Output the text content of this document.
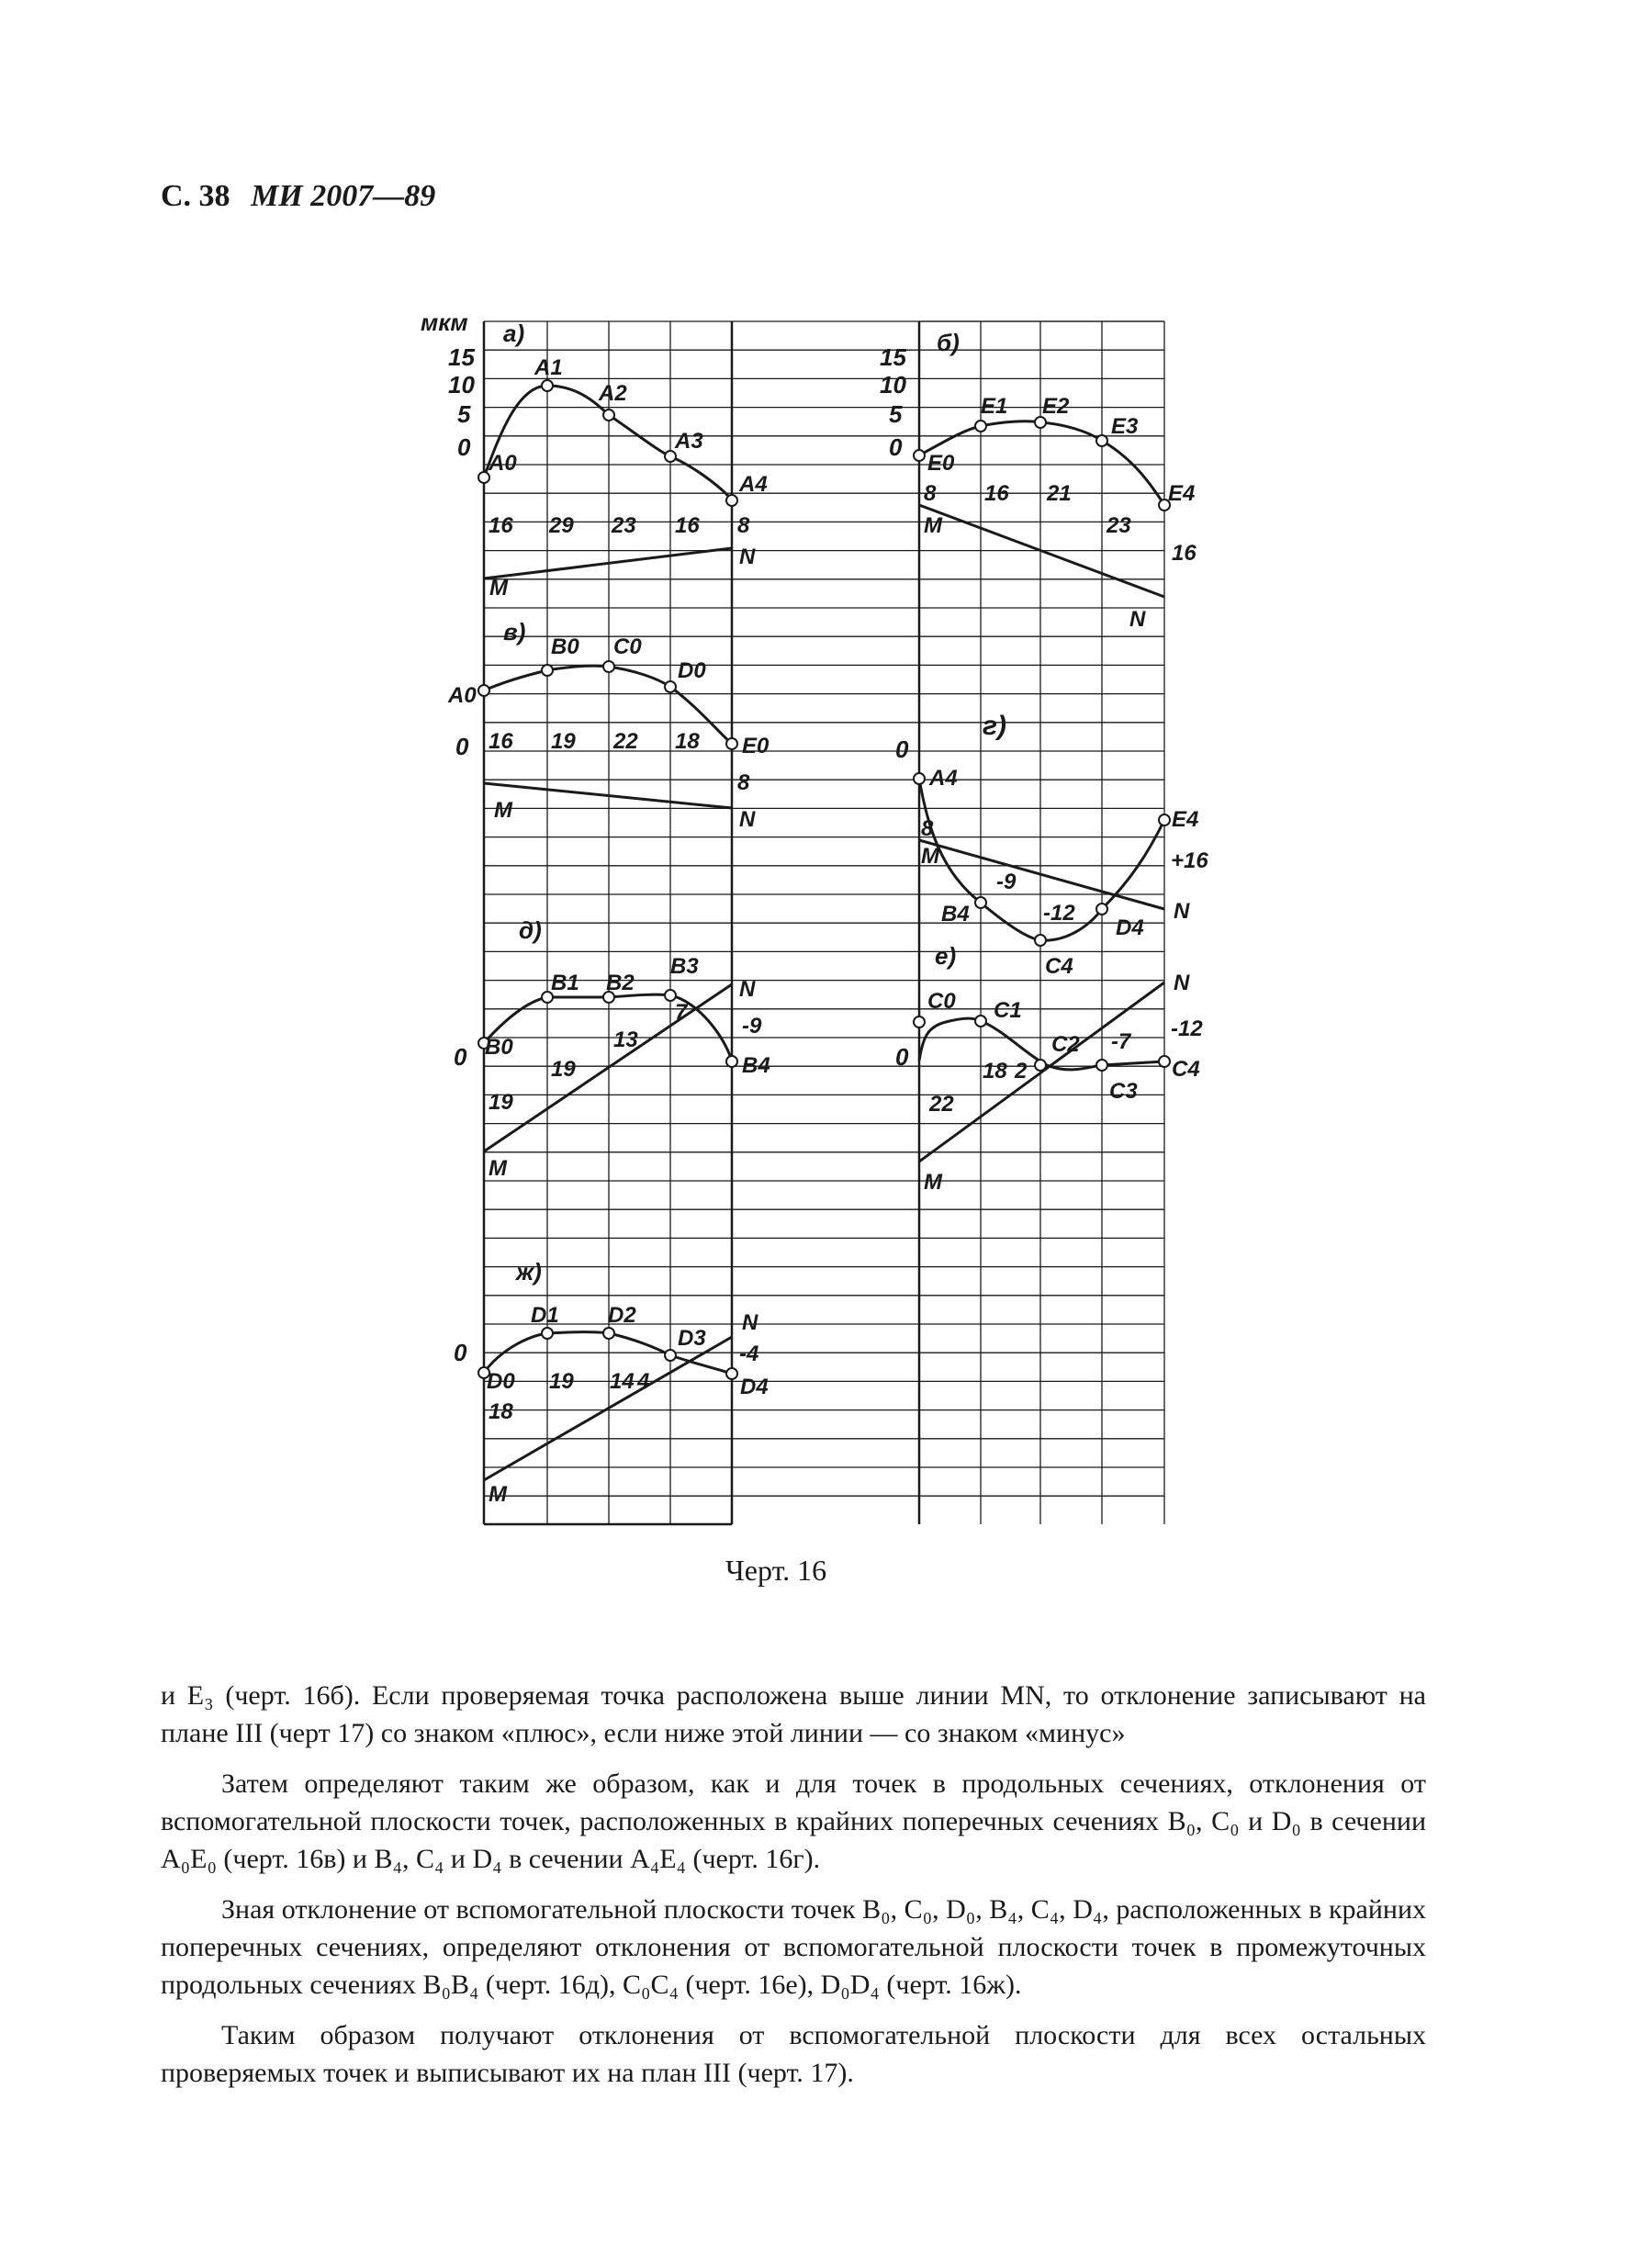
С. 38 МИ 2007—89
мкм а)	б)
в)
г)
д)
е)
ж)
15
10
5
0
15
10
5
0
A0
A1
A2
A3
A4
16 29 23 16 8
M
N
E0
E1 E2
E3
E4
8 16 21
23
16
M
N
A0
B0 C0
D0
E0
0 16 19 22 18
8
M	N
0
A4
8
M
-9
B4	-12
C4
D4
E4
+16
N
B1 B2
B3
N
0 B0
19
13
7
-9
B4
19
M
C0 C1
N
-12
0
18 2
C2 -7
C3
C4
22
M
D1 D2
D3
N
-4
0
D0 19 14 4	D4
18
M
Черт. 16

и E₃ (черт. 16б). Если проверяемая точка расположена выше линии MN, то отклонение записывают на плане III (черт 17) со знаком «плюс», если ниже этой линии — со знаком «минус»

Затем определяют таким же образом, как и для точек в продольных сечениях, отклонения от вспомогательной плоскости точек, расположенных в крайних поперечных сечениях B₀, C₀ и D₀ в сечении A₀E₀ (черт. 16в) и B₄, C₄ и D₄ в сечении A₄E₄ (черт. 16г).

Зная отклонение от вспомогательной плоскости точек B₀, C₀, D₀, B₄, C₄, D₄, расположенных в крайних поперечных сечениях, определяют отклонения от вспомогательной плоскости точек в промежуточных продольных сечениях B₀B₄ (черт. 16д), C₀C₄ (черт. 16е), D₀D₄ (черт. 16ж).

Таким образом получают отклонения от вспомогательной плоскости для всех остальных проверяемых точек и выписывают их на план III (черт. 17).
